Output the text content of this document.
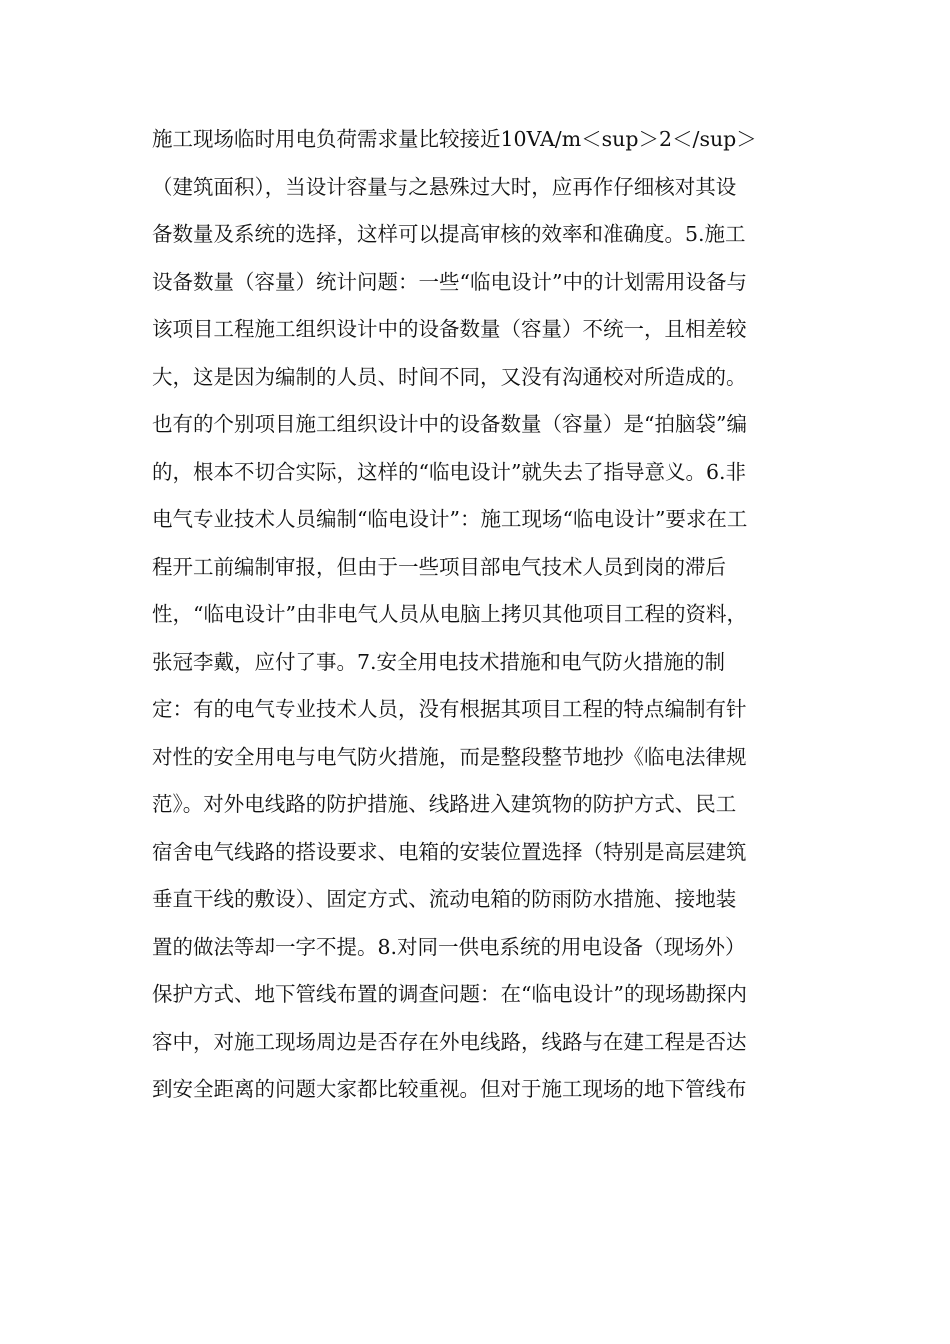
施工现场临时用电负荷需求量比较接近10VA/m＜sup＞2＜/sup＞
（建筑面积），当设计容量与之悬殊过大时，应再作仔细核对其设
备数量及系统的选择，这样可以提高审核的效率和准确度。5.施工
设备数量（容量）统计问题：一些“临电设计”中的计划需用设备与
该项目工程施工组织设计中的设备数量（容量）不统一，且相差较
大，这是因为编制的人员、时间不同，又没有沟通校对所造成的。
也有的个别项目施工组织设计中的设备数量（容量）是“拍脑袋”编
的，根本不切合实际，这样的“临电设计”就失去了指导意义。6.非
电气专业技术人员编制“临电设计”：施工现场“临电设计”要求在工
程开工前编制审报，但由于一些项目部电气技术人员到岗的滞后
性，“临电设计”由非电气人员从电脑上拷贝其他项目工程的资料，
张冠李戴，应付了事。7.安全用电技术措施和电气防火措施的制
定：有的电气专业技术人员，没有根据其项目工程的特点编制有针
对性的安全用电与电气防火措施，而是整段整节地抄《临电法律规
范》。对外电线路的防护措施、线路进入建筑物的防护方式、民工
宿舍电气线路的搭设要求、电箱的安装位置选择（特别是高层建筑
垂直干线的敷设）、固定方式、流动电箱的防雨防水措施、接地装
置的做法等却一字不提。8.对同一供电系统的用电设备（现场外）
保护方式、地下管线布置的调查问题：在“临电设计”的现场勘探内
容中，对施工现场周边是否存在外电线路，线路与在建工程是否达
到安全距离的问题大家都比较重视。但对于施工现场的地下管线布
